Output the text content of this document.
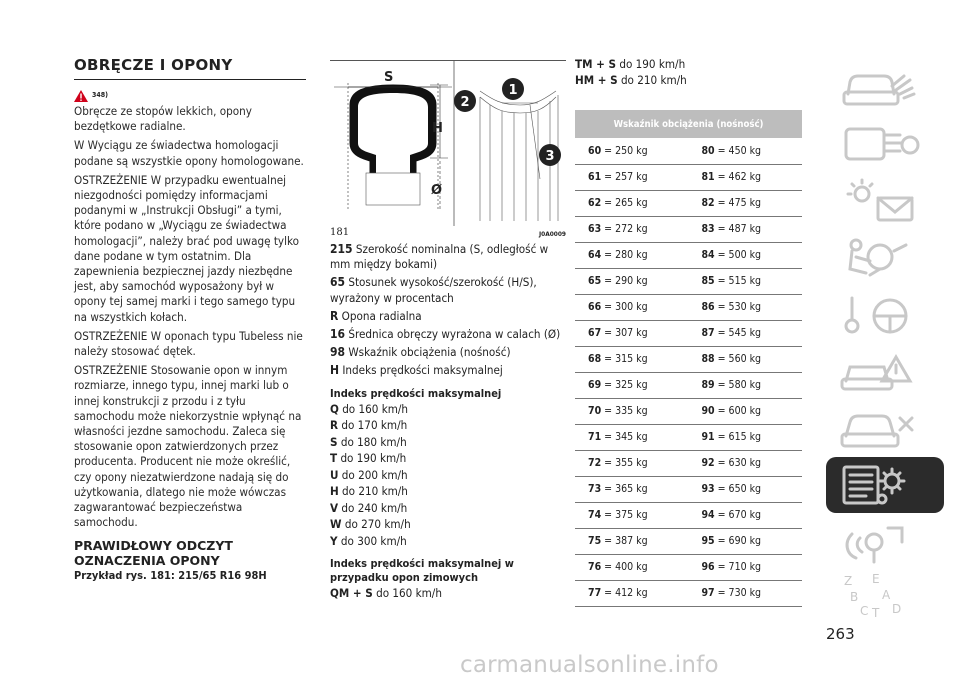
OBRĘCZE I OPONY
348)

Obręcze ze stopów lekkich, opony bezdętkowe radialne.

W Wyciągu ze świadectwa homologacji podane są wszystkie opony homologowane.

OSTRZEŻENIE W przypadku ewentualnej niezgodności pomiędzy informacjami podanymi w „Instrukcji Obsługi” a tymi, które podano w „Wyciągu ze świadectwa homologacji”, należy brać pod uwagę tylko dane podane w tym ostatnim. Dla zapewnienia bezpiecznej jazdy niezbędne jest, aby samochód wyposażony był w opony tej samej marki i tego samego typu na wszystkich kołach.

OSTRZEŻENIE W oponach typu Tubeless nie należy stosować dętek.

OSTRZEŻENIE Stosowanie opon w innym rozmiarze, innego typu, innej marki lub o innej konstrukcji z przodu i z tyłu samochodu może niekorzystnie wpłynąć na własności jezdne samochodu. Zaleca się stosowanie opon zatwierdzonych przez producenta. Producent nie może określić, czy opony niezatwierdzone nadają się do użytkowania, dlatego nie może wówczas zagwarantować bezpieczeństwa samochodu.

PRAWIDŁOWY ODCZYT OZNACZENIA OPONY
Przykład rys. 181: 215/65 R16 98H
S
H
Ø
1
2
3
181	J0A0009
215 Szerokość nominalna (S, odległość w mm między bokami)
65 Stosunek wysokość/szerokość (H/S), wyrażony w procentach
R Opona radialna
16 Średnica obręczy wyrażona w calach (Ø)
98 Wskaźnik obciążenia (nośność)
H Indeks prędkości maksymalnej
Indeks prędkości maksymalnej
Q do 160 km/h
R do 170 km/h
S do 180 km/h
T do 190 km/h
U do 200 km/h
H do 210 km/h
V do 240 km/h
W do 270 km/h
Y do 300 km/h
Indeks prędkości maksymalnej w przypadku opon zimowych
QM + S do 160 km/h
TM + S do 190 km/h
HM + S do 210 km/h
Wskaźnik obciążenia (nośność)	
60 = 250 kg	80 = 450 kg
61 = 257 kg	81 = 462 kg
62 = 265 kg	82 = 475 kg
63 = 272 kg	83 = 487 kg
64 = 280 kg	84 = 500 kg
65 = 290 kg	85 = 515 kg
66 = 300 kg	86 = 530 kg
67 = 307 kg	87 = 545 kg
68 = 315 kg	88 = 560 kg
69 = 325 kg	89 = 580 kg
70 = 335 kg	90 = 600 kg
71 = 345 kg	91 = 615 kg
72 = 355 kg	92 = 630 kg
73 = 365 kg	93 = 650 kg
74 = 375 kg	94 = 670 kg
75 = 387 kg	95 = 690 kg
76 = 400 kg	96 = 710 kg
77 = 412 kg	97 = 730 kg
Z E
B A
C T D
263
carmanualsonline.info
